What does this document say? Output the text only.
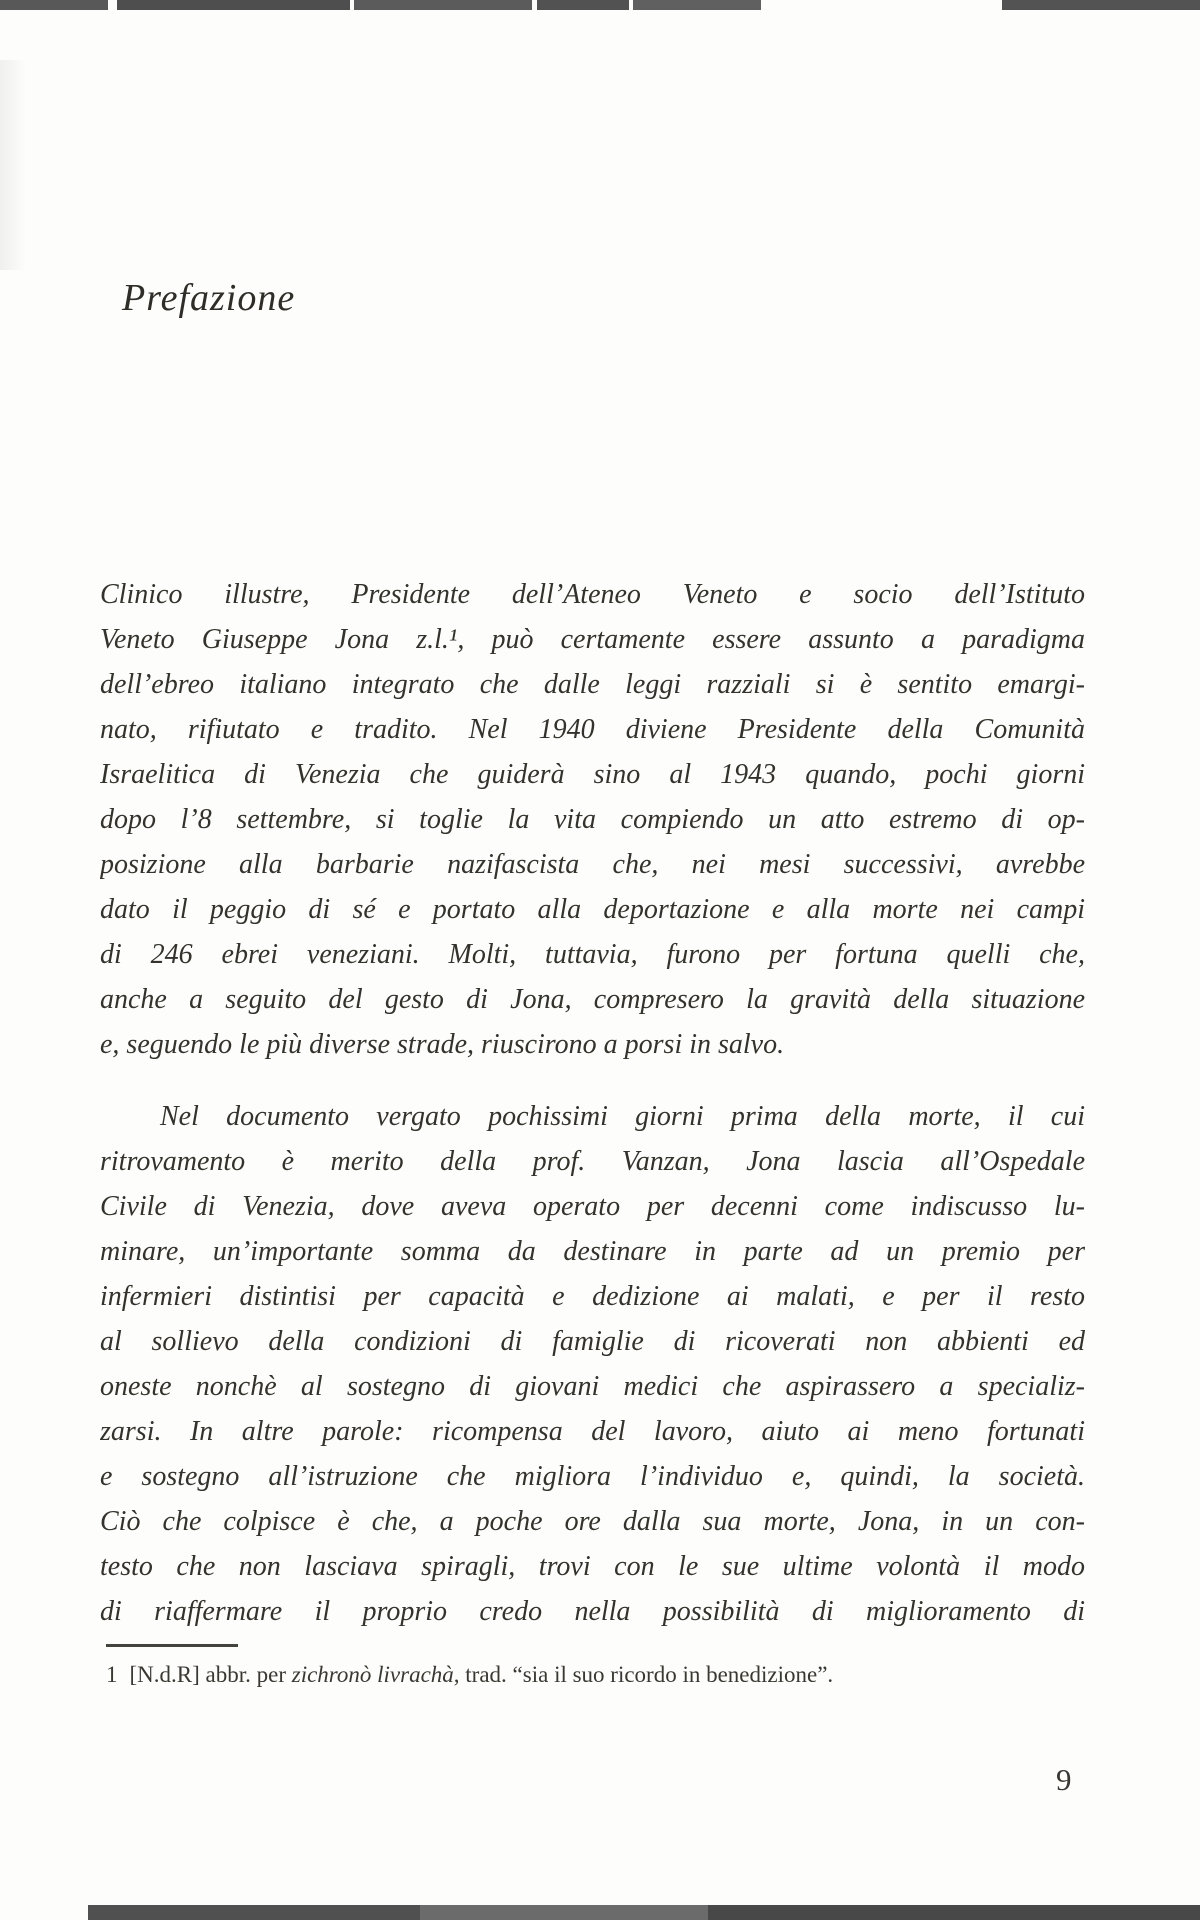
Prefazione
Clinico illustre, Presidente dell’Ateneo Veneto e socio dell’Istituto
Veneto Giuseppe Jona z.l.¹, può certamente essere assunto a paradigma
dell’ebreo italiano integrato che dalle leggi razziali si è sentito emargi-
nato, rifiutato e tradito. Nel 1940 diviene Presidente della Comunità
Israelitica di Venezia che guiderà sino al 1943 quando, pochi giorni
dopo l’8 settembre, si toglie la vita compiendo un atto estremo di op-
posizione alla barbarie nazifascista che, nei mesi successivi, avrebbe
dato il peggio di sé e portato alla deportazione e alla morte nei campi
di 246 ebrei veneziani. Molti, tuttavia, furono per fortuna quelli che,
anche a seguito del gesto di Jona, compresero la gravità della situazione
e, seguendo le più diverse strade, riuscirono a porsi in salvo.
Nel documento vergato pochissimi giorni prima della morte, il cui
ritrovamento è merito della prof. Vanzan, Jona lascia all’Ospedale
Civile di Venezia, dove aveva operato per decenni come indiscusso lu-
minare, un’importante somma da destinare in parte ad un premio per
infermieri distintisi per capacità e dedizione ai malati, e per il resto
al sollievo della condizioni di famiglie di ricoverati non abbienti ed
oneste nonchè al sostegno di giovani medici che aspirassero a specializ-
zarsi. In altre parole: ricompensa del lavoro, aiuto ai meno fortunati
e sostegno all’istruzione che migliora l’individuo e, quindi, la società.
Ciò che colpisce è che, a poche ore dalla sua morte, Jona, in un con-
testo che non lasciava spiragli, trovi con le sue ultime volontà il modo
di riaffermare il proprio credo nella possibilità di miglioramento di
1 [N.d.R] abbr. per zichronò livrachà, trad. “sia il suo ricordo in benedizione”.
9
